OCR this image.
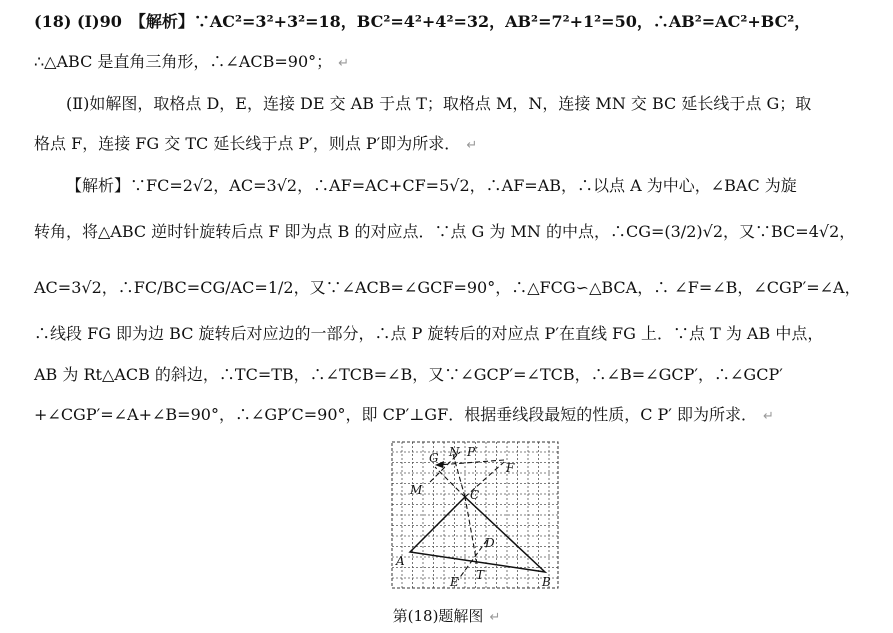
(18) (Ⅰ)90　【解析】∵AC²=3²+3²=18，BC²=4²+4²=32，AB²=7²+1²=50，∴AB²=AC²+BC²，
∴△ABC 是直角三角形，∴∠ACB=90°； ↵
(Ⅱ)如解图，取格点 D，E，连接 DE 交 AB 于点 T；取格点 M，N，连接 MN 交 BC 延长线于点 G；取
格点 F，连接 FG 交 TC 延长线于点 P′，则点 P′即为所求． ↵
【解析】∵FC=2√2，AC=3√2，∴AF=AC+CF=5√2，∴AF=AB，∴以点 A 为中心，∠BAC 为旋
转角，将△ABC 逆时针旋转后点 F 即为点 B 的对应点．∵点 G 为 MN 的中点，∴CG=(3/2)√2，又∵BC=4√2，
AC=3√2，∴FC/BC=CG/AC=1/2，又∵∠ACB=∠GCF=90°，∴△FCG∽△BCA，∴ ∠F=∠B，∠CGP′=∠A，
∴线段 FG 即为边 BC 旋转后对应边的一部分，∴点 P 旋转后的对应点 P′在直线 FG 上．∵点 T 为 AB 中点，
AB 为 Rt△ACB 的斜边，∴TC=TB，∴∠TCB=∠B，又∵∠GCP′=∠TCB，∴∠B=∠GCP′，∴∠GCP′
+∠CGP′=∠A+∠B=90°，∴∠GP′C=90°，即 CP′⊥GF．根据垂线段最短的性质，C P′ 即为所求． ↵
G N P′
F
M	C
D
A
E T	B
第(18)题解图 ↵
